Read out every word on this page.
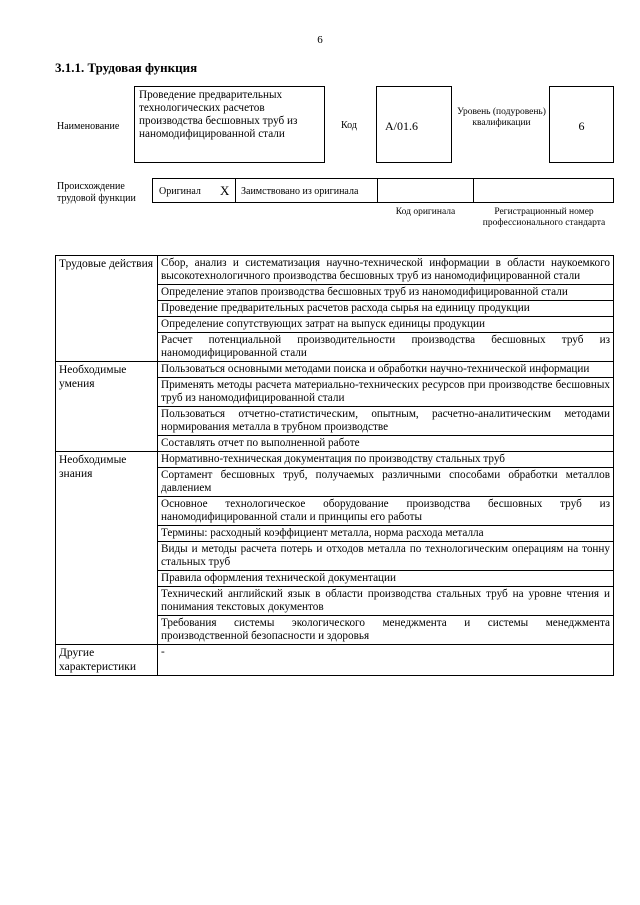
6
3.1.1. Трудовая функция
Наименование
Проведение предварительных технологических расчетов производства бесшовных труб из наномодифицированной стали
Код	A/01.6
Уровень (подуровень) квалификации	6
Происхождение трудовой функции
Оригинал X Заимствовано из оригинала
Код оригинала	Регистрационный номер профессионального стандарта
Трудовые действия	Сбор, анализ и систематизация научно-технической информации в области наукоемкого высокотехнологичного производства бесшовных труб из наномодифицированной стали
	Определение этапов производства бесшовных труб из наномодифицированной стали
	Проведение предварительных расчетов расхода сырья на единицу продукции
	Определение сопутствующих затрат на выпуск единицы продукции
	Расчет потенциальной производительности производства бесшовных труб из наномодифицированной стали
Необходимые умения	Пользоваться основными методами поиска и обработки научно-технической информации
	Применять методы расчета материально-технических ресурсов при производстве бесшовных труб из наномодифицированной стали
	Пользоваться отчетно-статистическим, опытным, расчетно-аналитическим методами нормирования металла в трубном производстве
	Составлять отчет по выполненной работе
Необходимые знания	Нормативно-техническая документация по производству стальных труб
	Сортамент бесшовных труб, получаемых различными способами обработки металлов давлением
	Основное технологическое оборудование производства бесшовных труб из наномодифицированной стали и принципы его работы
	Термины: расходный коэффициент металла, норма расхода металла
	Виды и методы расчета потерь и отходов металла по технологическим операциям на тонну стальных труб
	Правила оформления технической документации
	Технический английский язык в области производства стальных труб на уровне чтения и понимания текстовых документов
	Требования системы экологического менеджмента и системы менеджмента производственной безопасности и здоровья
Другие характеристики	-
